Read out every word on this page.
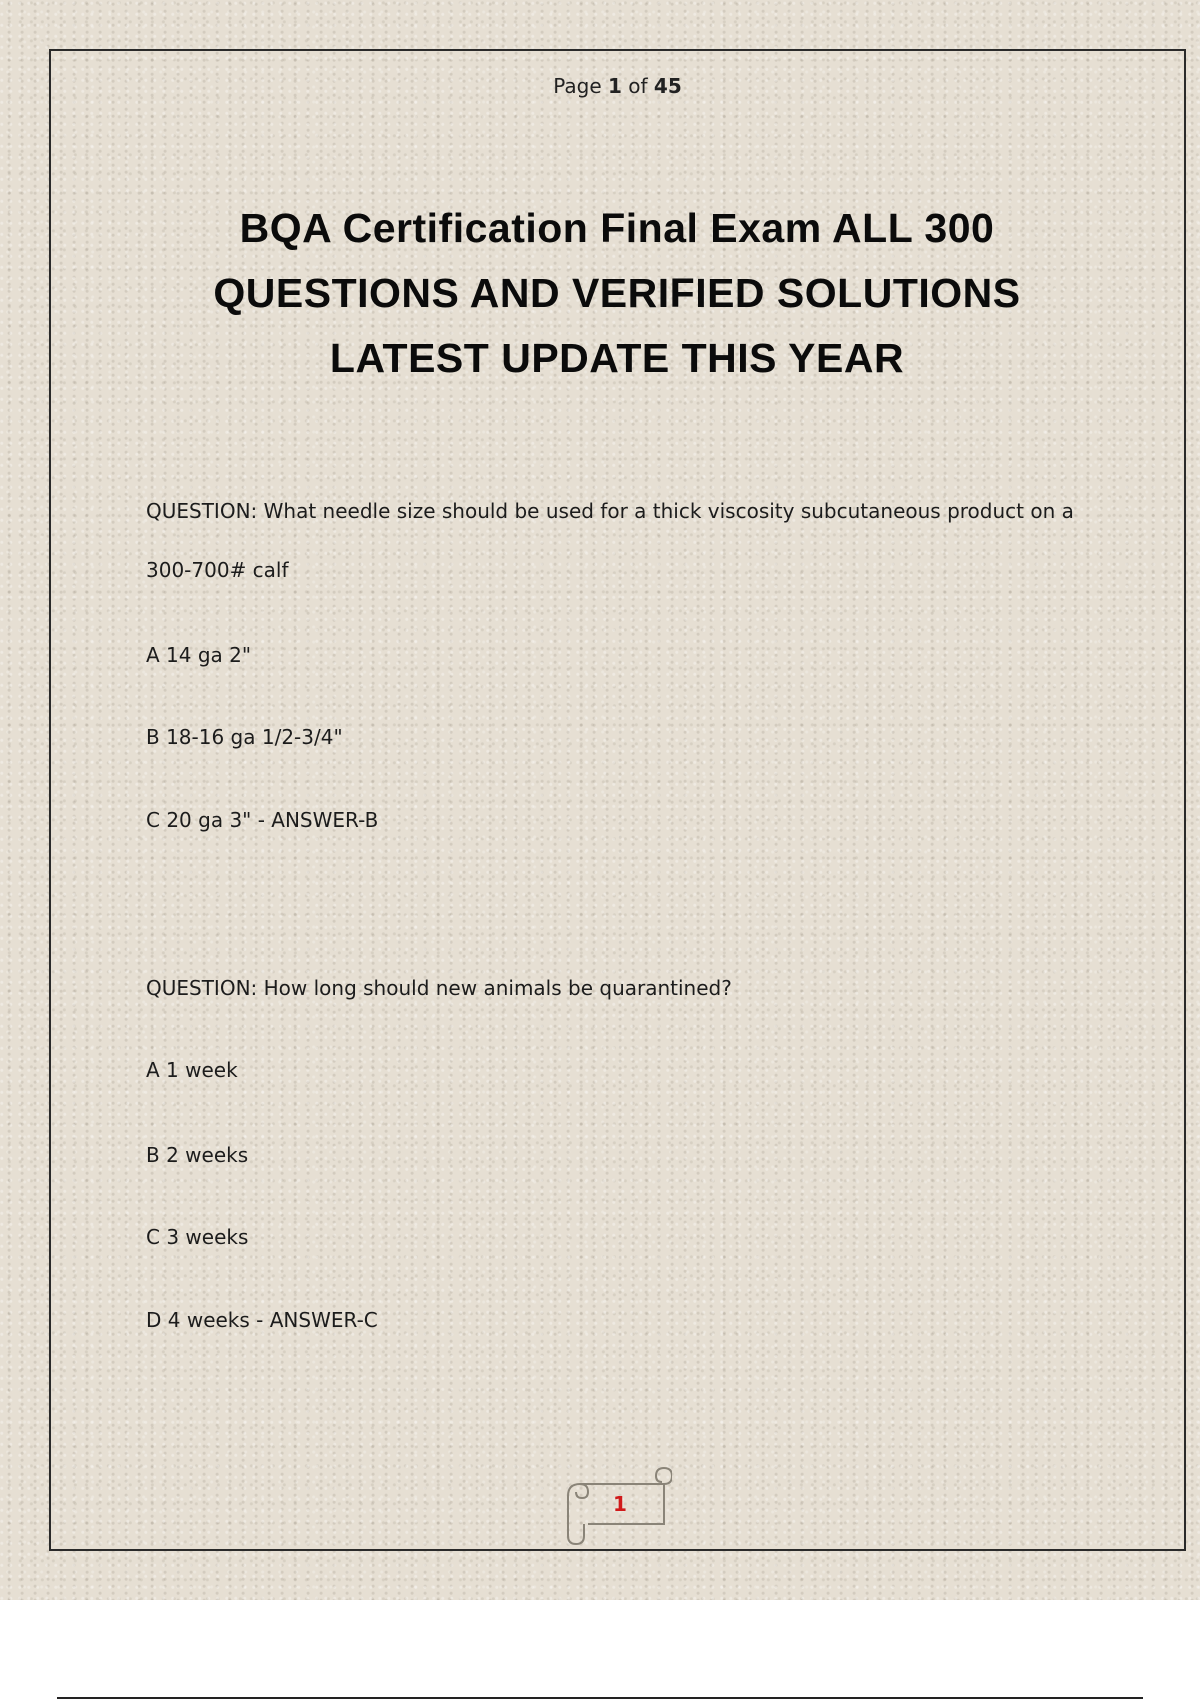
Page 1 of 45
BQA Certification Final Exam ALL 300
QUESTIONS AND VERIFIED SOLUTIONS
LATEST UPDATE THIS YEAR
QUESTION: What needle size should be used for a thick viscosity subcutaneous product on a
300-700# calf
A 14 ga 2"
B 18-16 ga 1/2-3/4"
C 20 ga 3" - ANSWER-B
QUESTION: How long should new animals be quarantined?
A 1 week
B 2 weeks
C 3 weeks
D 4 weeks - ANSWER-C
1
